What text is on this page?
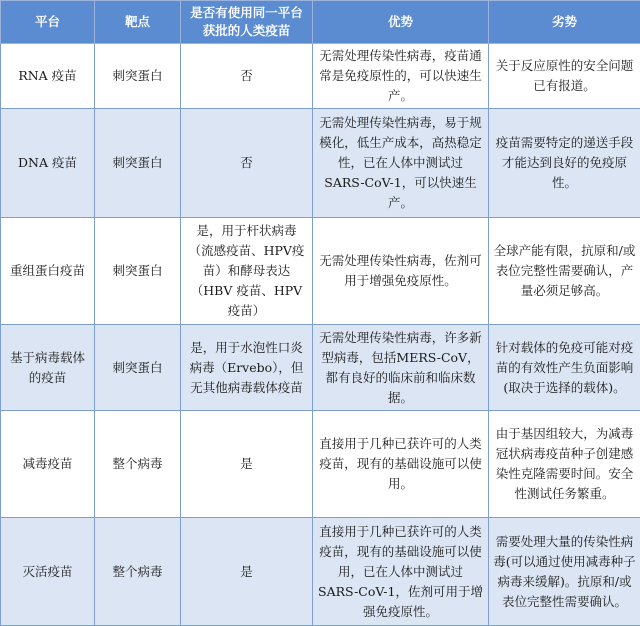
平台	靶点	是否有使用同一平台获批的人类疫苗	优势	劣势
RNA 疫苗	刺突蛋白	否	无需处理传染性病毒，疫苗通常是免疫原性的，可以快速生产。	关于反应原性的安全问题已有报道。
DNA 疫苗	刺突蛋白	否	无需处理传染性病毒，易于规模化，低生产成本，高热稳定性，已在人体中测试过 SARS-CoV-1，可以快速生产。	疫苗需要特定的递送手段才能达到良好的免疫原性。
重组蛋白疫苗	刺突蛋白	是，用于杆状病毒（流感疫苗、HPV疫苗）和酵母表达（HBV 疫苗、HPV疫苗）	无需处理传染性病毒，佐剂可用于增强免疫原性。	全球产能有限，抗原和/或表位完整性需要确认，产量必须足够高。
基于病毒载体的疫苗	刺突蛋白	是，用于水泡性口炎病毒（Ervebo），但无其他病毒载体疫苗	无需处理传染性病毒，许多新型病毒，包括MERS-CoV，都有良好的临床前和临床数据。	针对载体的免疫可能对疫苗的有效性产生负面影响(取决于选择的载体)。
减毒疫苗	整个病毒	是	直接用于几种已获许可的人类疫苗，现有的基础设施可以使用。	由于基因组较大，为减毒冠状病毒疫苗种子创建感染性克隆需要时间。安全性测试任务繁重。
灭活疫苗	整个病毒	是	直接用于几种已获许可的人类疫苗，现有的基础设施可以使用，已在人体中测试过 SARS-CoV-1，佐剂可用于增强免疫原性。	需要处理大量的传染性病毒(可以通过使用减毒种子病毒来缓解)。抗原和/或表位完整性需要确认。
